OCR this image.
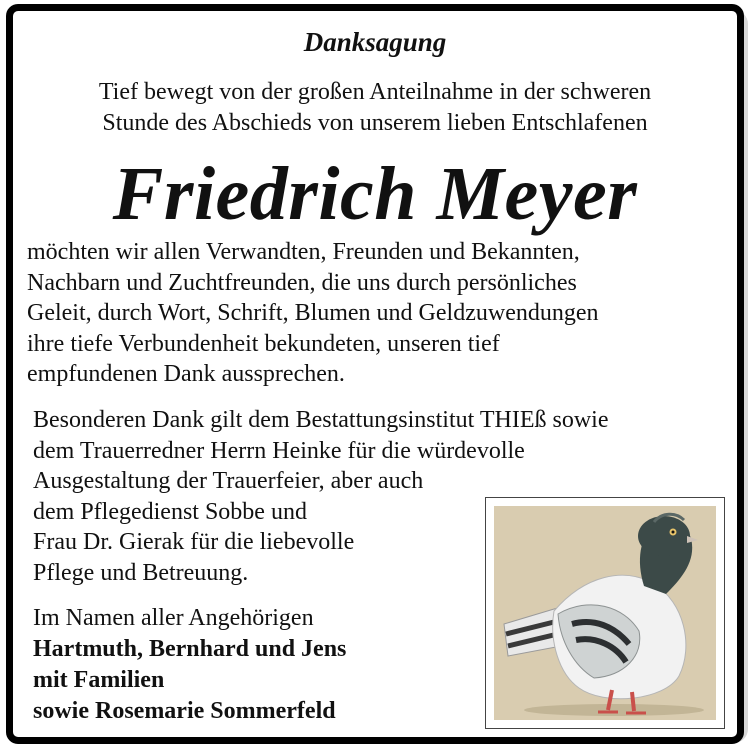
Danksagung
Tief bewegt von der großen Anteilnahme in der schweren
Stunde des Abschieds von unserem lieben Entschlafenen
Friedrich Meyer
möchten wir allen Verwandten, Freunden und Bekannten,
Nachbarn und Zuchtfreunden, die uns durch persönliches
Geleit, durch Wort, Schrift, Blumen und Geldzuwendungen
ihre tiefe Verbundenheit bekundeten, unseren tief
empfundenen Dank aussprechen.
Besonderen Dank gilt dem Bestattungsinstitut THIEß sowie
dem Trauerredner Herrn Heinke für die würdevolle
Ausgestaltung der Trauerfeier, aber auch
dem Pflegedienst Sobbe und
Frau Dr. Gierak für die liebevolle
Pflege und Betreuung.
Im Namen aller Angehörigen
Hartmuth, Bernhard und Jens
mit Familien
sowie Rosemarie Sommerfeld
